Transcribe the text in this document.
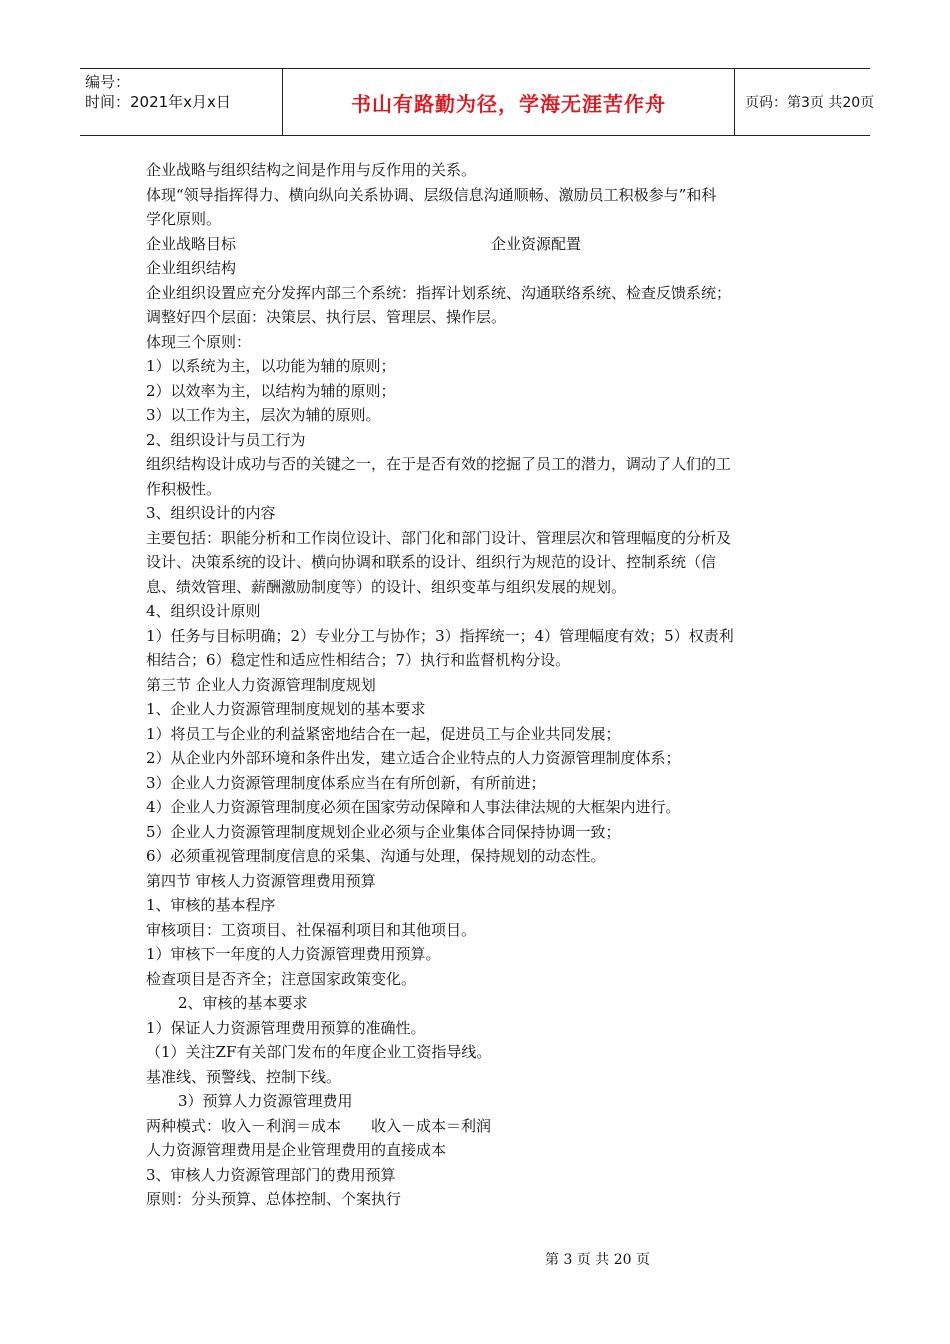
编号：
时间：2021年x月x日	书山有路勤为径，学海无涯苦作舟	页码：第3页 共20页
企业战略与组织结构之间是作用与反作用的关系。
体现“领导指挥得力、横向纵向关系协调、层级信息沟通顺畅、激励员工积极参与”和科
学化原则。
企业战略目标	企业资源配置
企业组织结构
企业组织设置应充分发挥内部三个系统：指挥计划系统、沟通联络系统、检查反馈系统；
调整好四个层面：决策层、执行层、管理层、操作层。
体现三个原则：
1）以系统为主，以功能为辅的原则；
2）以效率为主，以结构为辅的原则；
3）以工作为主，层次为辅的原则。
2、组织设计与员工行为
组织结构设计成功与否的关键之一，在于是否有效的挖掘了员工的潜力，调动了人们的工
作积极性。
3、组织设计的内容
主要包括：职能分析和工作岗位设计、部门化和部门设计、管理层次和管理幅度的分析及
设计、决策系统的设计、横向协调和联系的设计、组织行为规范的设计、控制系统（信
息、绩效管理、薪酬激励制度等）的设计、组织变革与组织发展的规划。
4、组织设计原则
1）任务与目标明确；2）专业分工与协作；3）指挥统一；4）管理幅度有效；5）权责利
相结合；6）稳定性和适应性相结合；7）执行和监督机构分设。
第三节 企业人力资源管理制度规划
1、企业人力资源管理制度规划的基本要求
1）将员工与企业的利益紧密地结合在一起，促进员工与企业共同发展；
2）从企业内外部环境和条件出发，建立适合企业特点的人力资源管理制度体系；
3）企业人力资源管理制度体系应当在有所创新，有所前进；
4）企业人力资源管理制度必须在国家劳动保障和人事法律法规的大框架内进行。
5）企业人力资源管理制度规划企业必须与企业集体合同保持协调一致；
6）必须重视管理制度信息的采集、沟通与处理，保持规划的动态性。
第四节 审核人力资源管理费用预算
1、审核的基本程序
审核项目：工资项目、社保福利项目和其他项目。
1）审核下一年度的人力资源管理费用预算。
检查项目是否齐全；注意国家政策变化。
2、审核的基本要求
1）保证人力资源管理费用预算的准确性。
（1）关注ZF有关部门发布的年度企业工资指导线。
基准线、预警线、控制下线。
3）预算人力资源管理费用
两种模式：收入－利润＝成本　　收入－成本＝利润
人力资源管理费用是企业管理费用的直接成本
3、审核人力资源管理部门的费用预算
原则：分头预算、总体控制、个案执行
第 3 页 共 20 页
